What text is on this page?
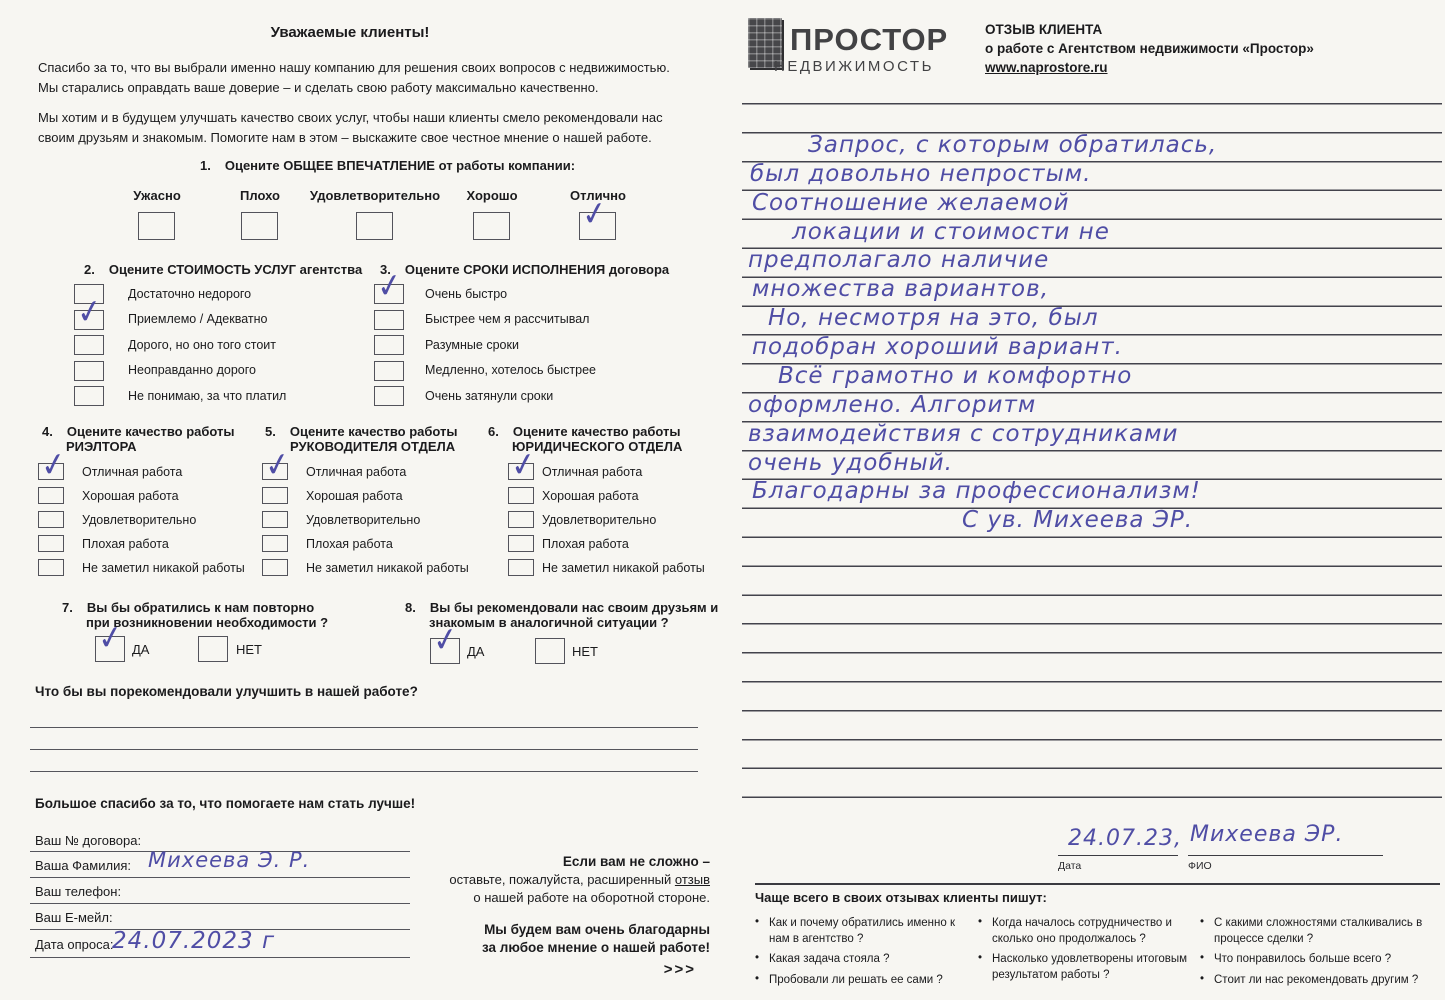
Уважаемые клиенты!
Спасибо за то, что вы выбрали именно нашу компанию для решения своих вопросов с недвижимостью. Мы старались оправдать ваше доверие – и сделать свою работу максимально качественно.
Мы хотим и в будущем улучшать качество своих услуг, чтобы наши клиенты смело рекомендовали нас своим друзьям и знакомым. Помогите нам в этом – выскажите свое честное мнение о нашей работе.
1. Оцените ОБЩЕЕ ВПЕЧАТЛЕНИЕ от работы компании:
Ужасно	Плохо Удовлетворительно Хорошо	Отлично
✓
2. Оцените СТОИМОСТЬ УСЛУГ агентства
✓
Достаточно недорого
Приемлемо / Адекватно
Дорого, но оно того стоит
Неоправданно дорого
Не понимаю, за что платил
3. Оцените СРОКИ ИСПОЛНЕНИЯ договора
✓
Очень быстро
Быстрее чем я рассчитывал
Разумные сроки
Медленно, хотелось быстрее
Очень затянули сроки
4. Оцените качество работы
РИЭЛТОРА
✓
Отличная работа
Хорошая работа
Удовлетворительно
Плохая работа
Не заметил никакой работы
5. Оцените качество работы
РУКОВОДИТЕЛЯ ОТДЕЛА
✓
Отличная работа
Хорошая работа
Удовлетворительно
Плохая работа
Не заметил никакой работы
6. Оцените качество работы
ЮРИДИЧЕСКОГО ОТДЕЛА
✓
Отличная работа
Хорошая работа
Удовлетворительно
Плохая работа
Не заметил никакой работы
7. Вы бы обратились к нам повторно
при возникновении необходимости ?
✓
ДА	НЕТ
8. Вы бы рекомендовали нас своим друзьям и
знакомым в аналогичной ситуации ?
✓
ДА	НЕТ
Что бы вы порекомендовали улучшить в нашей работе?
Большое спасибо за то, что помогаете нам стать лучше!
Ваш № договора:
Ваша Фамилия: Михеева Э. Р.
Ваш телефон:
Ваш Е-мейл:
Дата опроса:
24.07.2023 г
Если вам не сложно –
оставьте, пожалуйста, расширенный отзыв
о нашей работе на оборотной стороне.
Мы будем вам очень благодарны
за любое мнение о нашей работе!
>>>
ПРОСТОР
НЕДВИЖИМОСТЬ
ОТЗЫВ КЛИЕНТА
о работе с Агентством недвижимости «Простор»
www.naprostore.ru
Запрос, с которым обратилась,
был довольно непростым.
Соотношение желаемой
локации и стоимости не
предполагало наличие
множества вариантов,
Но, несмотря на это, был
подобран хороший вариант.
Всё грамотно и комфортно
оформлено. Алгоритм
взаимодействия с сотрудниками
очень удобный.
Благодарны за профессионализм!
С ув. Михеева ЭР.
24.07.23, Михеева ЭР.
Дата	ФИО
Чаще всего в своих отзывах клиенты пишут:
• Как и почему обратились именно к нам в агентство ?
• Какая задача стояла ?
• Пробовали ли решать ее сами ?
• Когда началось сотрудничество и сколько оно продолжалось ?
• Насколько удовлетворены итоговым результатом работы ?
• С какими сложностями сталкивались в процессе сделки ?
• Что понравилось больше всего ?
• Стоит ли нас рекомендовать другим ?
